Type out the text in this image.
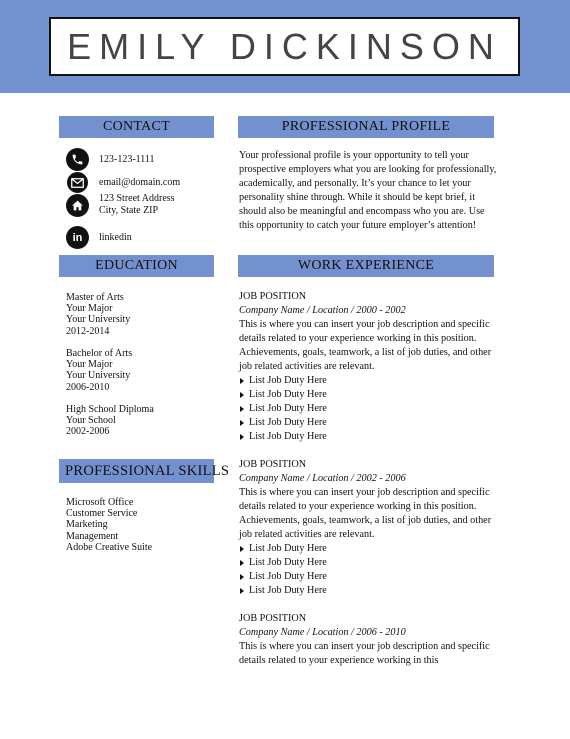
EMILY DICKINSON
CONTACT	PROFESSIONAL PROFILE
EDUCATION	WORK EXPERIENCE
PROFESSIONAL SKILLS
123-123-1111
email@domain.com
123 Street Address
City, State ZIP
in	linkedin
Your professional profile is your opportunity to tell your prospective employers what you are looking for professionally, academically, and personally. It’s your chance to let your personality shine through. While it should be kept brief, it should also be meaningful and encompass who you are. Use this opportunity to catch your future employer’s attention!
Master of Arts
Your Major
Your University
2012-2014
Bachelor of Arts
Your Major
Your University
2006-2010
High School Diploma
Your School
2002-2006
Microsoft Office
Customer Service
Marketing
Management
Adobe Creative Suite
JOB POSITION
Company Name / Location / 2000 - 2002
This is where you can insert your job description and specific details related to your experience working in this position. Achievements, goals, teamwork, a list of job duties, and other job related activities are relevant.
List Job Duty Here
List Job Duty Here
List Job Duty Here
List Job Duty Here
List Job Duty Here
JOB POSITION
Company Name / Location / 2002 - 2006
This is where you can insert your job description and specific details related to your experience working in this position. Achievements, goals, teamwork, a list of job duties, and other job related activities are relevant.
List Job Duty Here
List Job Duty Here
List Job Duty Here
List Job Duty Here
JOB POSITION
Company Name / Location / 2006 - 2010
This is where you can insert your job description and specific details related to your experience working in this
